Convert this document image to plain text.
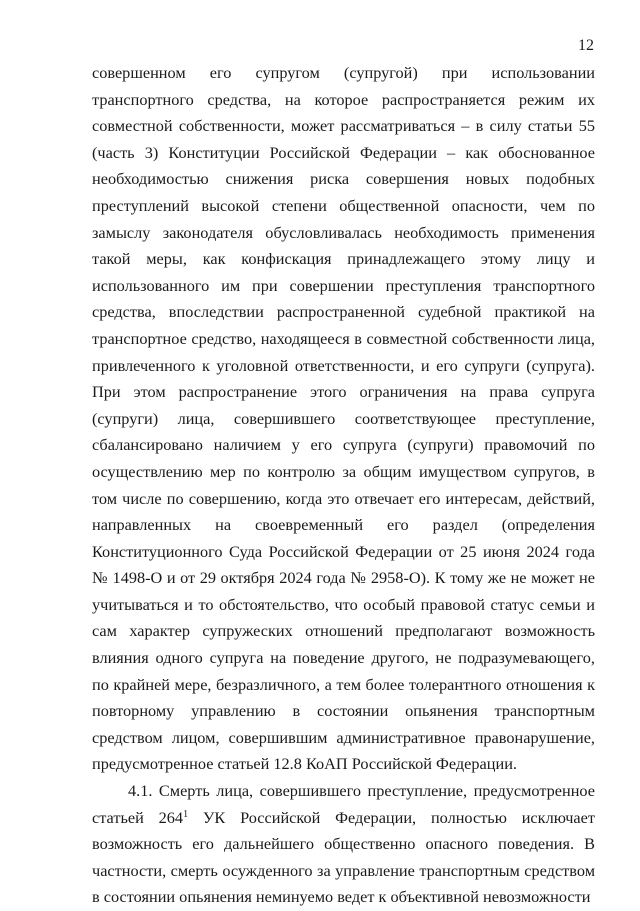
12

совершенном его супругом (супругой) при использовании транспортного средства, на которое распространяется режим их совместной собственности, может рассматриваться – в силу статьи 55 (часть 3) Конституции Российской Федерации – как обоснованное необходимостью снижения риска совершения новых подобных преступлений высокой степени общественной опасности, чем по замыслу законодателя обусловливалась необходимость применения такой меры, как конфискация принадлежащего этому лицу и использованного им при совершении преступления транспортного средства, впоследствии распространенной судебной практикой на транспортное средство, находящееся в совместной собственности лица, привлеченного к уголовной ответственности, и его супруги (супруга). При этом распространение этого ограничения на права супруга (супруги) лица, совершившего соответствующее преступление, сбалансировано наличием у его супруга (супруги) правомочий по осуществлению мер по контролю за общим имуществом супругов, в том числе по совершению, когда это отвечает его интересам, действий, направленных на своевременный его раздел (определения Конституционного Суда Российской Федерации от 25 июня 2024 года № 1498-О и от 29 октября 2024 года № 2958-О). К тому же не может не учитываться и то обстоятельство, что особый правовой статус семьи и сам характер супружеских отношений предполагают возможность влияния одного супруга на поведение другого, не подразумевающего, по крайней мере, безразличного, а тем более толерантного отношения к повторному управлению в состоянии опьянения транспортным средством лицом, совершившим административное правонарушение, предусмотренное статьей 12.8 КоАП Российской Федерации.

4.1. Смерть лица, совершившего преступление, предусмотренное статьей $264^1$ УК Российской Федерации, полностью исключает возможность его дальнейшего общественно опасного поведения. В частности, смерть осужденного за управление транспортным средством в состоянии опьянения неминуемо ведет к объективной невозможности
